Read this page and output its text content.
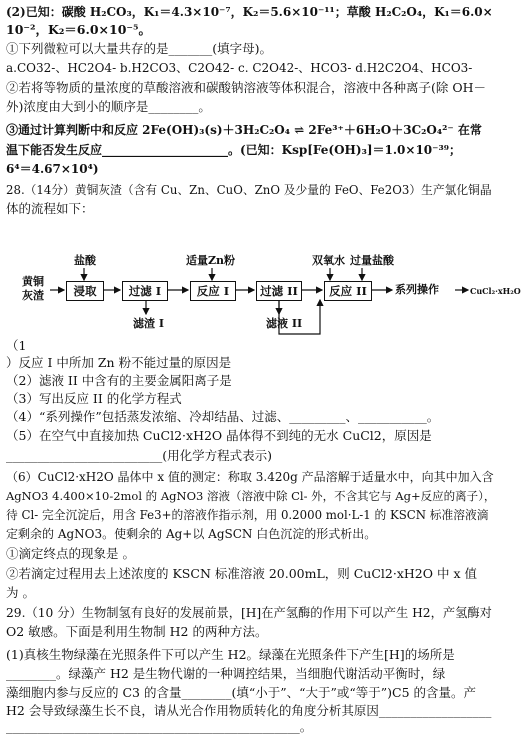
(2)已知：碳酸 H₂CO₃，K₁＝4.3×10⁻⁷，K₂＝5.6×10⁻¹¹；草酸 H₂C₂O₄，K₁＝6.0×
10⁻²，K₂＝6.0×10⁻⁵。
①下列微粒可以大量共存的是_______(填字母)。
a.CO32-、HC2O4- b.H2CO3、C2O42- c. C2O42-、HCO3- d.H2C2O4、HCO3-
②若将等物质的量浓度的草酸溶液和碳酸钠溶液等体积混合，溶液中各种离子(除 OH－
外)浓度由大到小的顺序是________。
③通过计算判断中和反应 2Fe(OH)₃(s)＋3H₂C₂O₄ ⇌ 2Fe³⁺＋6H₂O＋3C₂O₄²⁻ 在常
温下能否发生反应_____________________。(已知：Ksp[Fe(OH)₃]＝1.0×10⁻³⁹；
6⁴＝4.67×10⁴)
28.（14分）黄铜灰渣（含有 Cu、Zn、CuO、ZnO 及少量的 FeO、Fe2O3）生产氯化铜晶
体的流程如下：
黄铜
灰渣
盐酸	适量Zn粉	双氧水 过量盐酸
浸取	过滤 I	反应 I	过滤 II	反应 II	系列操作	CuCl₂·xH₂O
滤渣 I	滤液 II
（1
）反应 I 中所加 Zn 粉不能过量的原因是
（2）滤液 II 中含有的主要金属阳离子是
（3）写出反应 II 的化学方程式
（4）“系列操作”包括蒸发浓缩、冷却结晶、过滤、_________、___________。
（5）在空气中直接加热 CuCl2·xH2O 晶体得不到纯的无水 CuCl2，原因是
_________________________(用化学方程式表示)
（6）CuCl2·xH2O 晶体中 x 值的测定：称取 3.420g 产品溶解于适量水中，向其中加入含
AgNO3 4.400×10-2mol 的 AgNO3 溶液（溶液中除 Cl- 外，不含其它与 Ag+反应的离子），
待 Cl- 完全沉淀后，用含 Fe3+的溶液作指示剂，用 0.2000 mol·L-1 的 KSCN 标准溶液滴
定剩余的 AgNO3。使剩余的 Ag+以 AgSCN 白色沉淀的形式析出。
①滴定终点的现象是 。
②若滴定过程用去上述浓度的 KSCN 标准溶液 20.00mL，则 CuCl2·xH2O 中 x 值
为 。
29.（10 分）生物制氢有良好的发展前景，[H]在产氢酶的作用下可以产生 H2，产氢酶对
O2 敏感。下面是利用生物制 H2 的两种方法。
(1)真核生物绿藻在光照条件下可以产生 H2。绿藻在光照条件下产生[H]的场所是
________。绿藻产 H2 是生物代谢的一种调控结果，当细胞代谢活动平衡时，绿
藻细胞内参与反应的 C3 的含量________(填“小于”、“大于”或“等于”)C5 的含量。产
H2 会导致绿藻生长不良，请从光合作用物质转化的角度分析其原因__________________
_______________________________________________。
